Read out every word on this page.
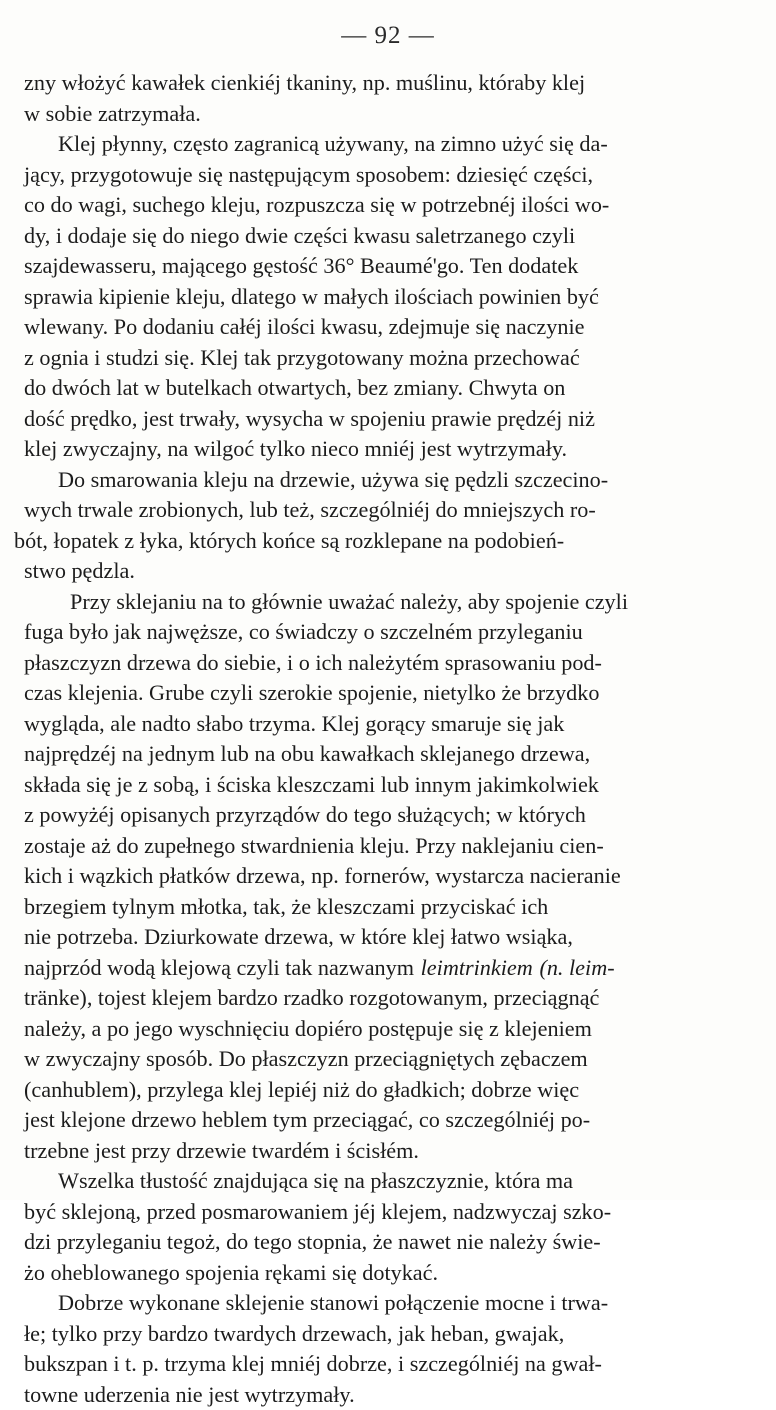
— 92 —
zny włożyć kawałek cienkiéj tkaniny, np. muślinu, któraby klej
w sobie zatrzymała.
Klej płynny, często zagranicą używany, na zimno użyć się da-
jący, przygotowuje się następującym sposobem: dziesięć części,
co do wagi, suchego kleju, rozpuszcza się w potrzebnéj ilości wo-
dy, i dodaje się do niego dwie części kwasu saletrzanego czyli
szajdewasseru, mającego gęstość 36° Beaumé'go. Ten dodatek
sprawia kipienie kleju, dlatego w małych ilościach powinien być
wlewany. Po dodaniu całéj ilości kwasu, zdejmuje się naczynie
z ognia i studzi się. Klej tak przygotowany można przechować
do dwóch lat w butelkach otwartych, bez zmiany. Chwyta on
dość prędko, jest trwały, wysycha w spojeniu prawie prędzéj niż
klej zwyczajny, na wilgoć tylko nieco mniéj jest wytrzymały.
Do smarowania kleju na drzewie, używa się pędzli szczecino-
wych trwale zrobionych, lub też, szczególniéj do mniejszych ro-
bót, łopatek z łyka, których końce są rozklepane na podobień-
stwo pędzla.
Przy sklejaniu na to głównie uważać należy, aby spojenie czyli
fuga było jak najwęższe, co świadczy o szczelném przyleganiu
płaszczyzn drzewa do siebie, i o ich należytém sprasowaniu pod-
czas klejenia. Grube czyli szerokie spojenie, nietylko że brzydko
wygląda, ale nadto słabo trzyma. Klej gorący smaruje się jak
najprędzéj na jednym lub na obu kawałkach sklejanego drzewa,
składa się je z sobą, i ściska kleszczami lub innym jakimkolwiek
z powyżéj opisanych przyrządów do tego służących; w których
zostaje aż do zupełnego stwardnienia kleju. Przy naklejaniu cien-
kich i wązkich płatków drzewa, np. fornerów, wystarcza nacieranie
brzegiem tylnym młotka, tak, że kleszczami przyciskać ich
nie potrzeba. Dziurkowate drzewa, w które klej łatwo wsiąka,
najprzód wodą klejową czyli tak nazwanym leimtrinkiem (n. leim-
tränke), tojest klejem bardzo rzadko rozgotowanym, przeciągnąć
należy, a po jego wyschnięciu dopiéro postępuje się z klejeniem
w zwyczajny sposób. Do płaszczyzn przeciągniętych zębaczem
(canhublem), przylega klej lepiéj niż do gładkich; dobrze więc
jest klejone drzewo heblem tym przeciągać, co szczególniéj po-
trzebne jest przy drzewie twardém i ścisłém.
Wszelka tłustość znajdująca się na płaszczyznie, która ma
być sklejoną, przed posmarowaniem jéj klejem, nadzwyczaj szko-
dzi przyleganiu tegoż, do tego stopnia, że nawet nie należy świe-
żo oheblowanego spojenia rękami się dotykać.
Dobrze wykonane sklejenie stanowi połączenie mocne i trwa-
łe; tylko przy bardzo twardych drzewach, jak heban, gwajak,
bukszpan i t. p. trzyma klej mniéj dobrze, i szczególniéj na gwał-
towne uderzenia nie jest wytrzymały.
